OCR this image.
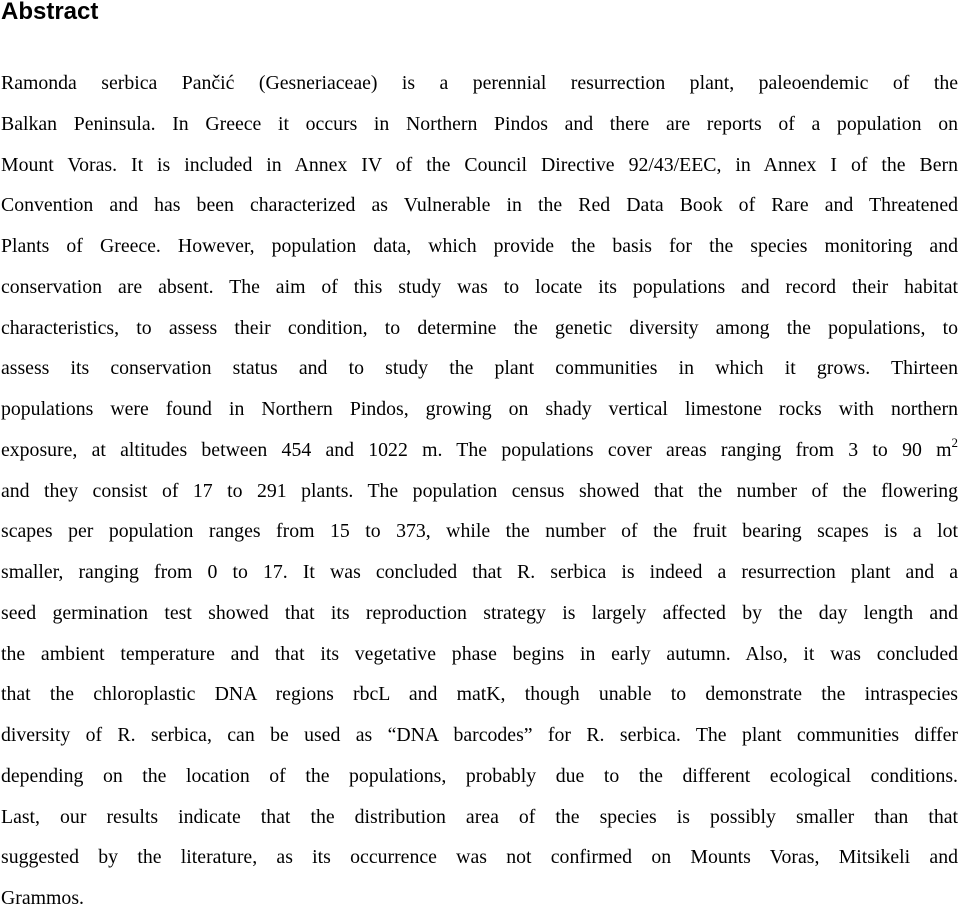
Abstract
Ramonda serbica Pančić (Gesneriaceae) is a perennial resurrection plant, paleoendemic of the
Balkan Peninsula. In Greece it occurs in Northern Pindos and there are reports of a population on
Mount Voras. It is included in Annex IV of the Council Directive 92/43/EEC, in Annex I of the Bern
Convention and has been characterized as Vulnerable in the Red Data Book of Rare and Threatened
Plants of Greece. However, population data, which provide the basis for the species monitoring and
conservation are absent. The aim of this study was to locate its populations and record their habitat
characteristics, to assess their condition, to determine the genetic diversity among the populations, to
assess its conservation status and to study the plant communities in which it grows. Thirteen
populations were found in Northern Pindos, growing on shady vertical limestone rocks with northern
exposure, at altitudes between 454 and 1022 m. The populations cover areas ranging from 3 to 90 $m^2$
and they consist of 17 to 291 plants. The population census showed that the number of the flowering
scapes per population ranges from 15 to 373, while the number of the fruit bearing scapes is a lot
smaller, ranging from 0 to 17. It was concluded that R. serbica is indeed a resurrection plant and a
seed germination test showed that its reproduction strategy is largely affected by the day length and
the ambient temperature and that its vegetative phase begins in early autumn. Also, it was concluded
that the chloroplastic DNA regions rbcL and matK, though unable to demonstrate the intraspecies
diversity of R. serbica, can be used as “DNA barcodes” for R. serbica. The plant communities differ
depending on the location of the populations, probably due to the different ecological conditions.
Last, our results indicate that the distribution area of the species is possibly smaller than that
suggested by the literature, as its occurrence was not confirmed on Mounts Voras, Mitsikeli and
Grammos.
